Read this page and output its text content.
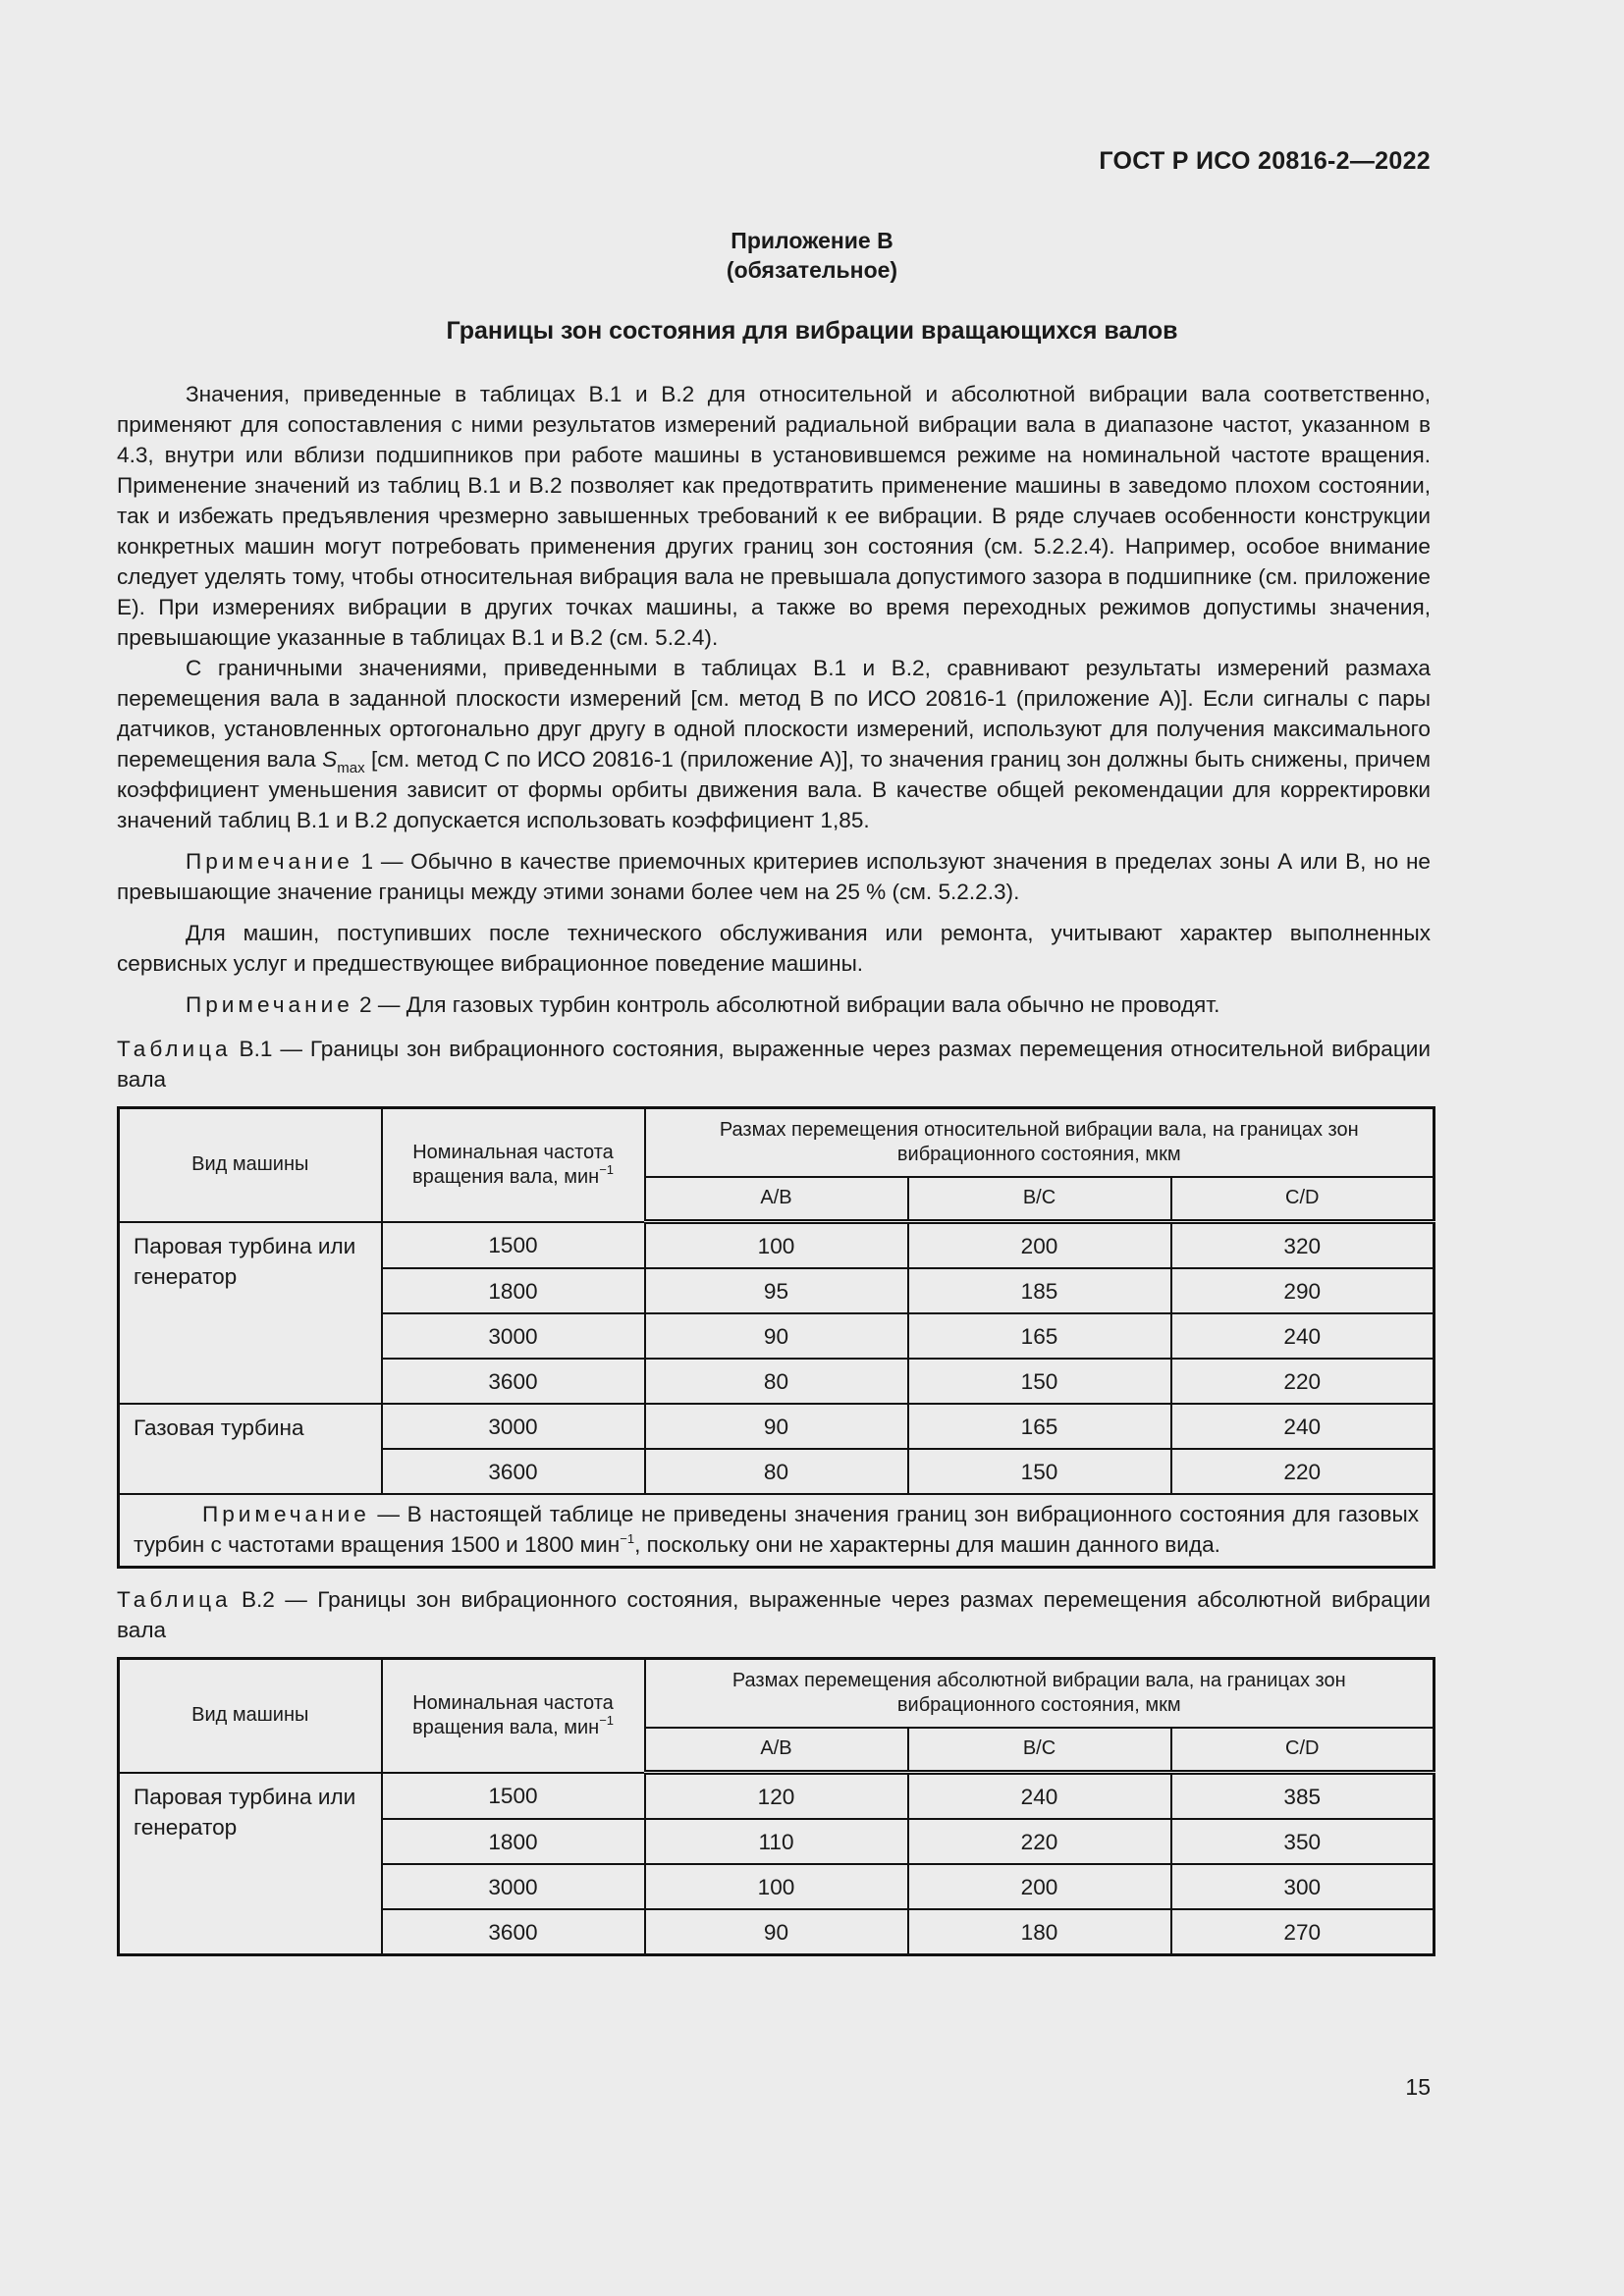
ГОСТ Р ИСО 20816-2—2022
Приложение В
(обязательное)
Границы зон состояния для вибрации вращающихся валов

Значения, приведенные в таблицах В.1 и В.2 для относительной и абсолютной вибрации вала соответственно, применяют для сопоставления с ними результатов измерений радиальной вибрации вала в диапазоне частот, указанном в 4.3, внутри или вблизи подшипников при работе машины в установившемся режиме на номинальной частоте вращения. Применение значений из таблиц В.1 и В.2 позволяет как предотвратить применение машины в заведомо плохом состоянии, так и избежать предъявления чрезмерно завышенных требований к ее вибрации. В ряде случаев особенности конструкции конкретных машин могут потребовать применения других границ зон состояния (см. 5.2.2.4). Например, особое внимание следует уделять тому, чтобы относительная вибрация вала не превышала допустимого зазора в подшипнике (см. приложение Е). При измерениях вибрации в других точках машины, а также во время переходных режимов допустимы значения, превышающие указанные в таблицах В.1 и В.2 (см. 5.2.4).

С граничными значениями, приведенными в таблицах В.1 и В.2, сравнивают результаты измерений размаха перемещения вала в заданной плоскости измерений [см. метод В по ИСО 20816-1 (приложение А)]. Если сигналы с пары датчиков, установленных ортогонально друг другу в одной плоскости измерений, используют для получения максимального перемещения вала $S_{max}$ [см. метод С по ИСО 20816-1 (приложение А)], то значения границ зон должны быть снижены, причем коэффициент уменьшения зависит от формы орбиты движения вала. В качестве общей рекомендации для корректировки значений таблиц В.1 и В.2 допускается использовать коэффициент 1,85.

Примечание 1 — Обычно в качестве приемочных критериев используют значения в пределах зоны А или В, но не превышающие значение границы между этими зонами более чем на 25 % (см. 5.2.2.3).

Для машин, поступивших после технического обслуживания или ремонта, учитывают характер выполненных сервисных услуг и предшествующее вибрационное поведение машины.

Примечание 2 — Для газовых турбин контроль абсолютной вибрации вала обычно не проводят.

Таблица В.1 — Границы зон вибрационного состояния, выраженные через размах перемещения относительной вибрации вала

Вид машины	Номинальная частота вращения вала, мин$^{-1}$	Размах перемещения относительной вибрации вала, на границах зон вибрационного состояния, мкм		
		A/B	B/C	C/D
Паровая турбина или генератор	1500	100	200	320
	1800	95	185	290
	3000	90	165	240
	3600	80	150	220
Газовая турбина	3000	90	165	240
	3600	80	150	220
Примечание — В настоящей таблице не приведены значения границ зон вибрационного состояния для газовых турбин с частотами вращения 1500 и 1800 мин$^{-1}$, поскольку они не характерны для машин данного вида.				

Таблица В.2 — Границы зон вибрационного состояния, выраженные через размах перемещения абсолютной вибрации вала

Вид машины	Номинальная частота вращения вала, мин$^{-1}$	Размах перемещения абсолютной вибрации вала, на границах зон вибрационного состояния, мкм		
		A/B	B/C	C/D
Паровая турбина или генератор	1500	120	240	385
	1800	110	220	350
	3000	100	200	300
	3600	90	180	270
15
